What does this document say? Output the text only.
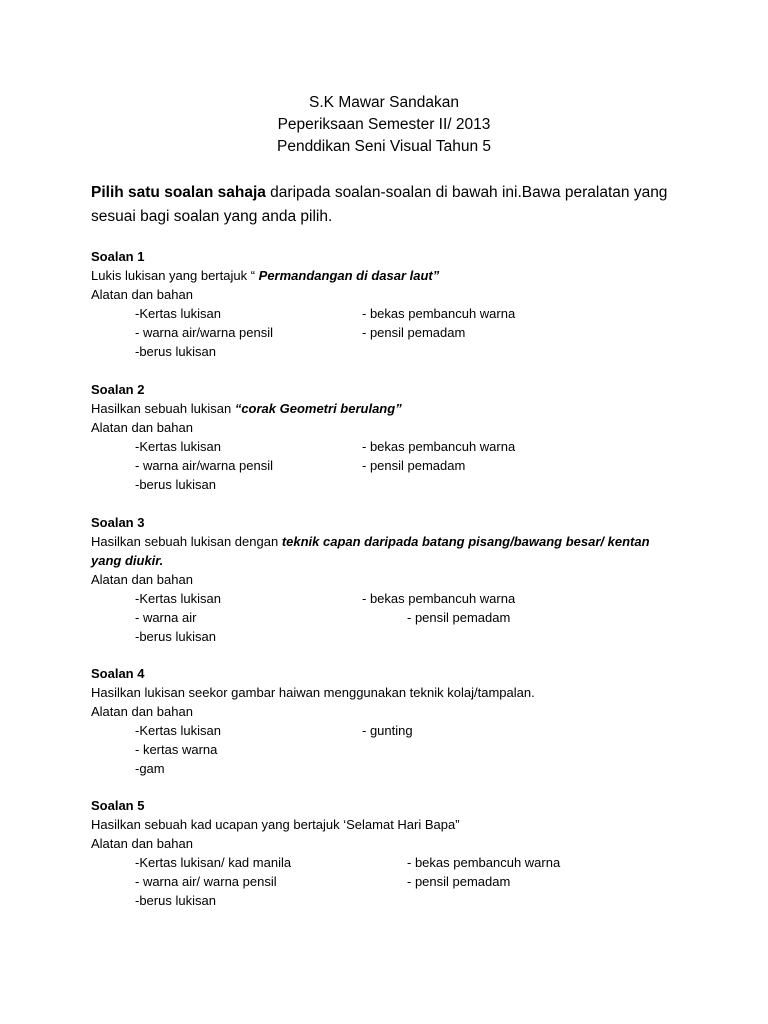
S.K Mawar Sandakan
Peperiksaan Semester II/ 2013
Penddikan Seni Visual Tahun 5
Pilih satu soalan sahaja daripada soalan-soalan di bawah ini.Bawa peralatan yang sesuai bagi soalan yang anda pilih.
Soalan 1
Lukis lukisan yang bertajuk “ Permandangan di dasar laut”
Alatan dan bahan
-Kertas lukisan	- bekas pembancuh warna
- warna air/warna pensil	- pensil pemadam
-berus lukisan
Soalan 2
Hasilkan sebuah lukisan “corak Geometri berulang”
Alatan dan bahan
-Kertas lukisan	- bekas pembancuh warna
- warna air/warna pensil	- pensil pemadam
-berus lukisan
Soalan 3
Hasilkan sebuah lukisan dengan teknik capan daripada batang pisang/bawang besar/ kentan
yang diukir.
Alatan dan bahan
-Kertas lukisan	- bekas pembancuh warna
- warna air	- pensil pemadam
-berus lukisan
Soalan 4
Hasilkan lukisan seekor gambar haiwan menggunakan teknik kolaj/tampalan.
Alatan dan bahan
-Kertas lukisan	- gunting
- kertas warna
-gam
Soalan 5
Hasilkan sebuah kad ucapan yang bertajuk ‘Selamat Hari Bapa”
Alatan dan bahan
-Kertas lukisan/ kad manila	- bekas pembancuh warna
- warna air/ warna pensil	- pensil pemadam
-berus lukisan
